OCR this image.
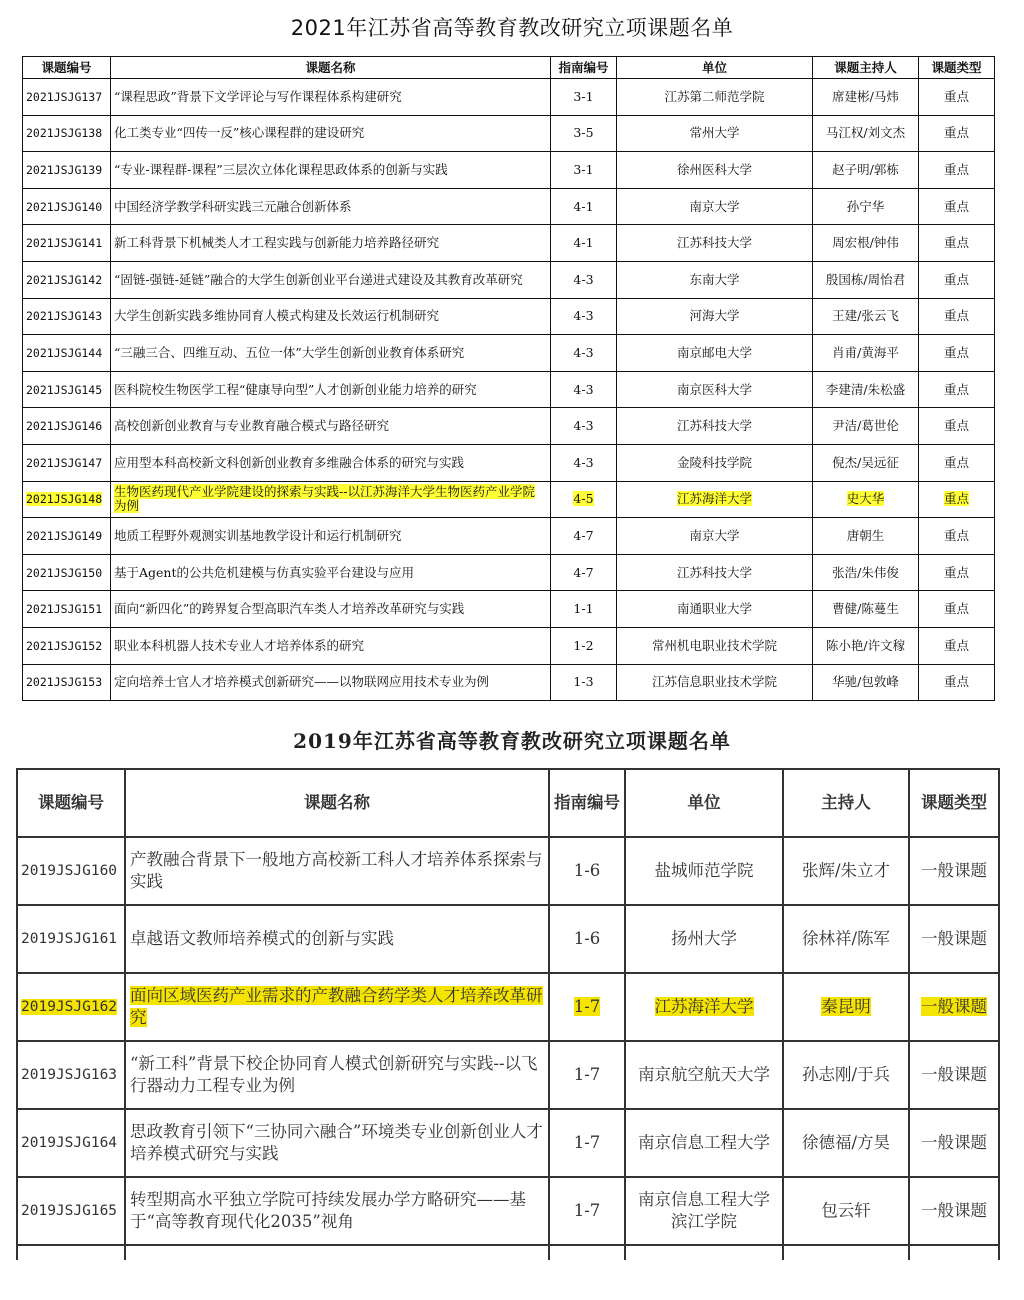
2021年江苏省高等教育教改研究立项课题名单
课题编号	课题名称	指南编号	单位	课题主持人	课题类型
2021JSJG137	“课程思政”背景下文学评论与写作课程体系构建研究	3-1	江苏第二师范学院	席建彬/马炜	重点
2021JSJG138	化工类专业“四传一反”核心课程群的建设研究	3-5	常州大学	马江权/刘文杰	重点
2021JSJG139	“专业-课程群-课程”三层次立体化课程思政体系的创新与实践	3-1	徐州医科大学	赵子明/郭栋	重点
2021JSJG140	中国经济学教学科研实践三元融合创新体系	4-1	南京大学	孙宁华	重点
2021JSJG141	新工科背景下机械类人才工程实践与创新能力培养路径研究	4-1	江苏科技大学	周宏根/钟伟	重点
2021JSJG142	“固链-强链-延链”融合的大学生创新创业平台递进式建设及其教育改革研究	4-3	东南大学	殷国栋/周怡君	重点
2021JSJG143	大学生创新实践多维协同育人模式构建及长效运行机制研究	4-3	河海大学	王建/张云飞	重点
2021JSJG144	“三融三合、四维互动、五位一体”大学生创新创业教育体系研究	4-3	南京邮电大学	肖甫/黄海平	重点
2021JSJG145	医科院校生物医学工程“健康导向型”人才创新创业能力培养的研究	4-3	南京医科大学	李建清/朱松盛	重点
2021JSJG146	高校创新创业教育与专业教育融合模式与路径研究	4-3	江苏科技大学	尹洁/葛世伦	重点
2021JSJG147	应用型本科高校新文科创新创业教育多维融合体系的研究与实践	4-3	金陵科技学院	倪杰/吴远征	重点
2021JSJG148	生物医药现代产业学院建设的探索与实践--以江苏海洋大学生物医药产业学院为例	4-5	江苏海洋大学	史大华	重点
2021JSJG149	地质工程野外观测实训基地教学设计和运行机制研究	4-7	南京大学	唐朝生	重点
2021JSJG150	基于Agent的公共危机建模与仿真实验平台建设与应用	4-7	江苏科技大学	张浩/朱伟俊	重点
2021JSJG151	面向“新四化”的跨界复合型高职汽车类人才培养改革研究与实践	1-1	南通职业大学	曹健/陈蔓生	重点
2021JSJG152	职业本科机器人技术专业人才培养体系的研究	1-2	常州机电职业技术学院	陈小艳/许文稼	重点
2021JSJG153	定向培养士官人才培养模式创新研究——以物联网应用技术专业为例	1-3	江苏信息职业技术学院	华驰/包敦峰	重点
2019年江苏省高等教育教改研究立项课题名单
课题编号	课题名称	指南编号	单位	主持人	课题类型
2019JSJG160	产教融合背景下一般地方高校新工科人才培养体系探索与实践	1-6	盐城师范学院	张辉/朱立才	一般课题
2019JSJG161	卓越语文教师培养模式的创新与实践	1-6	扬州大学	徐林祥/陈军	一般课题
2019JSJG162	面向区域医药产业需求的产教融合药学类人才培养改革研究	1-7	江苏海洋大学	秦昆明	一般课题
2019JSJG163	“新工科”背景下校企协同育人模式创新研究与实践--以飞行器动力工程专业为例	1-7	南京航空航天大学	孙志刚/于兵	一般课题
2019JSJG164	思政教育引领下“三协同六融合”环境类专业创新创业人才培养模式研究与实践	1-7	南京信息工程大学	徐德福/方昊	一般课题
2019JSJG165	转型期高水平独立学院可持续发展办学方略研究——基于“高等教育现代化2035”视角	1-7	南京信息工程大学滨江学院	包云轩	一般课题
